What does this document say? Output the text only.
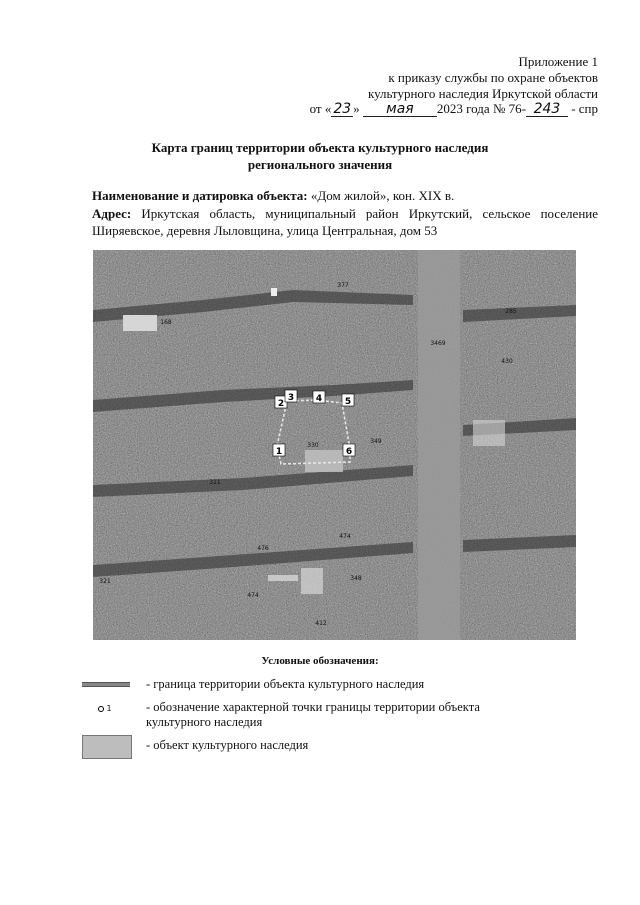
Приложение 1
к приказу службы по охране объектов
культурного наследия Иркутской области
от « 23 » мая 2023 года № 76- 243 - спр
Карта границ территории объекта культурного наследия
регионального значения
Наименование и датировка объекта: «Дом жилой», кон. XIX в.
Адрес: Иркутская область, муниципальный район Иркутский, сельское поселение Ширяевское, деревня Лыловщина, улица Центральная, дом 53
1
2
3 4	5
6
377
168
285
3469
430
311
474
476
330
349
348
474
412
321
Условные обозначения:
- граница территории объекта культурного наследия
1	- обозначение характерной точки границы территории объекта культурного наследия
- объект культурного наследия
